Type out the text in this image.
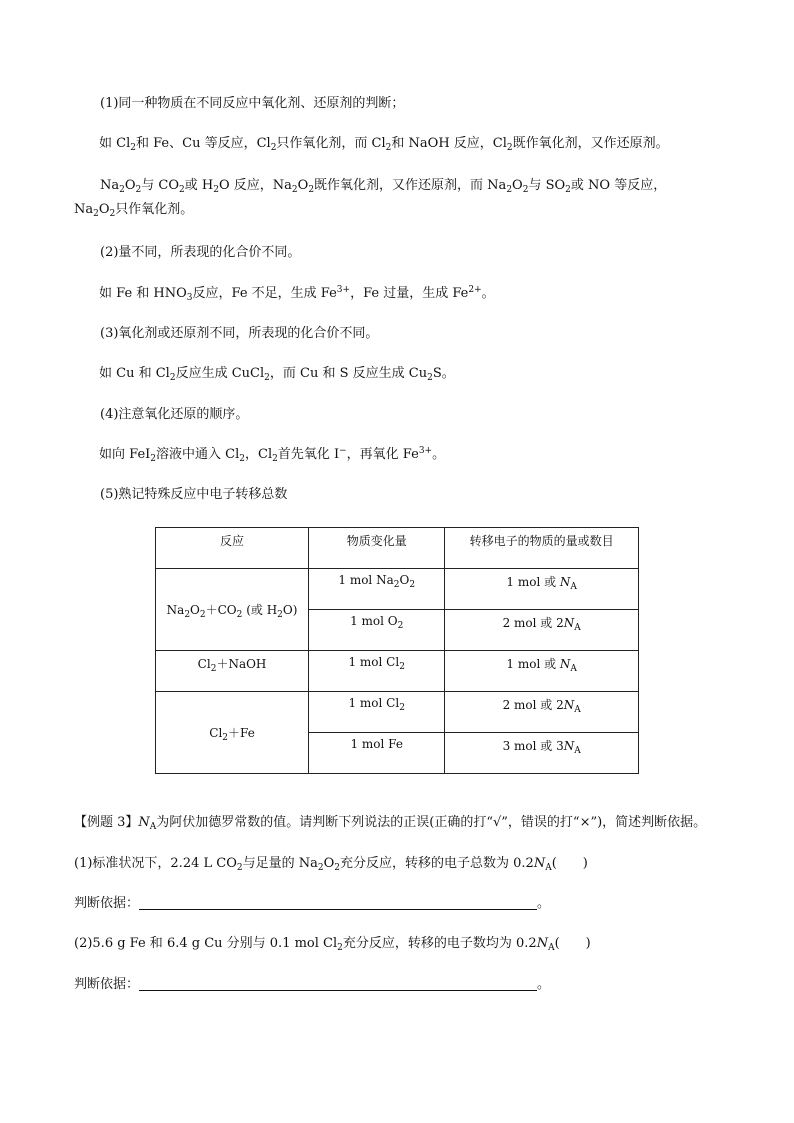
(1)同一种物质在不同反应中氧化剂、还原剂的判断；
如 $Cl_2$和 Fe、Cu 等反应，$Cl_2$只作氧化剂，而 $Cl_2$和 NaOH 反应，$Cl_2$既作氧化剂，又作还原剂。
$Na_2O_2$与 $CO_2$或 $H_2O$ 反应，$Na_2O_2$既作氧化剂，又作还原剂，而 $Na_2O_2$与 $SO_2$或 NO 等反应，$Na_2O_2$只作氧化剂。
(2)量不同，所表现的化合价不同。
如 Fe 和 $HNO_3$反应，Fe 不足，生成 $Fe^{3+}$，Fe 过量，生成 $Fe^{2+}$。
(3)氧化剂或还原剂不同，所表现的化合价不同。
如 Cu 和 $Cl_2$反应生成 CuCl$_2$，而 Cu 和 S 反应生成 $Cu_2S$。
(4)注意氧化还原的顺序。
如向 FeI$_2$溶液中通入 $Cl_2$，$Cl_2$首先氧化 I−，再氧化 $Fe^{3+}$。
(5)熟记特殊反应中电子转移总数
反应	物质变化量	转移电子的物质的量或数目

$Na_2O_2+CO_2$ (或 $H_2O$)	1 mol $Na_2O_2$	1 mol 或 $N_A$

	1 mol $O_2$	2 mol 或 $2N_A$

$Cl_2+NaOH$	1 mol $Cl_2$	1 mol 或 $N_A$

$Cl_2+Fe$	1 mol $Cl_2$	2 mol 或 $2N_A$

	1 mol Fe	3 mol 或 $3N_A$
【例题 3】$N_A$为阿伏加德罗常数的值。请判断下列说法的正误(正确的打“√”，错误的打“×”)，简述判断依据。
(1)标准状况下，2.24 L $CO_2$与足量的 $Na_2O_2$充分反应，转移的电子总数为 $0.2N_A$(　　)
判断依据：	。
(2)5.6 g Fe 和 6.4 g Cu 分别与 0.1 mol $Cl_2$充分反应，转移的电子数均为 $0.2N_A$(　　)
判断依据：	。
